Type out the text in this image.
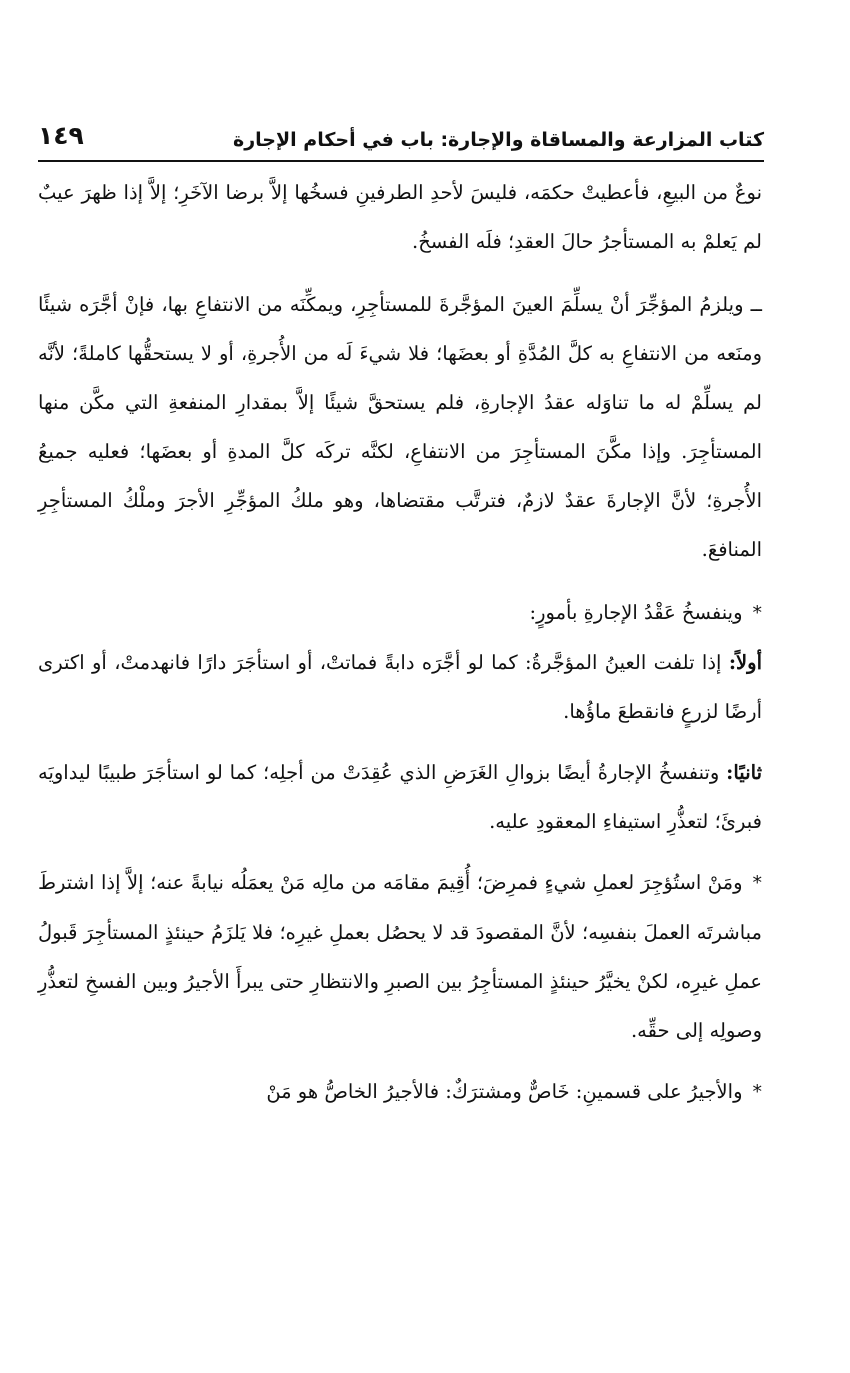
كتاب المزارعة والمساقاة والإجارة: باب في أحكام الإجارة
١٤٩

نوعٌ من البيعِ، فأعطيتْ حكمَه، فليسَ لأحدِ الطرفينِ فسخُها إلاَّ برضا الآخَرِ؛ إلاَّ إذا ظهرَ عيبٌ لم يَعلمْ به المستأجرُ حالَ العقدِ؛ فلَه الفسخُ.

ــ ويلزمُ المؤجِّرَ أنْ يسلِّمَ العينَ المؤجَّرةَ للمستأجِرِ، ويمكِّنَه من الانتفاعِ بها، فإنْ أجَّرَه شيئًا ومنَعه من الانتفاعِ به كلَّ المُدَّةِ أو بعضَها؛ فلا شيءَ لَه من الأُجرةِ، أو لا يستحقُّها كاملةً؛ لأنَّه لم يسلِّمْ له ما تناوَله عقدُ الإجارةِ، فلم يستحقَّ شيئًا إلاَّ بمقدارِ المنفعةِ التي مكَّن منها المستأجِرَ. وإذا مكَّنَ المستأجِرَ من الانتفاعِ، لكنَّه تركَه كلَّ المدةِ أو بعضَها؛ فعليه جميعُ الأُجرةِ؛ لأنَّ الإجارةَ عقدٌ لازمٌ، فترتَّب مقتضاها، وهو ملكُ المؤجِّرِ الأجرَ وملْكُ المستأجِرِ المنافعَ.

*وينفسخُ عَقْدُ الإجارةِ بأمورٍ:

أولاً: إذا تلفت العينُ المؤجَّرةُ: كما لو أجَّرَه دابةً فماتتْ، أو استأجَرَ دارًا فانهدمتْ، أو اكترى أرضًا لزرعٍ فانقطعَ ماؤُها.

ثانيًا: وتنفسخُ الإجارةُ أيضًا بزوالِ الغَرَضِ الذي عُقِدَتْ من أجلِه؛ كما لو استأجَرَ طبيبًا ليداويَه فبرئَ؛ لتعذُّرِ استيفاءِ المعقودِ عليه.

*ومَنْ استُؤجِرَ لعملِ شيءٍ فمرِضَ؛ أُقِيمَ مقامَه من مالِه مَنْ يعمَلُه نيابةً عنه؛ إلاَّ إذا اشترطَ مباشرتَه العملَ بنفسِه؛ لأنَّ المقصودَ قد لا يحصُل بعملِ غيرِه؛ فلا يَلزَمُ حينئذٍ المستأجِرَ قَبولُ عملِ غيرِه، لكنْ يخيَّرُ حينئذٍ المستأجِرُ بين الصبرِ والانتظارِ حتى يبرأَ الأجيرُ وبين الفسخِ لتعذُّرِ وصولِه إلى حقِّه.

*والأجيرُ على قسمينِ: خَاصٌّ ومشترَكٌ: فالأجيرُ الخاصُّ هو مَنْ
